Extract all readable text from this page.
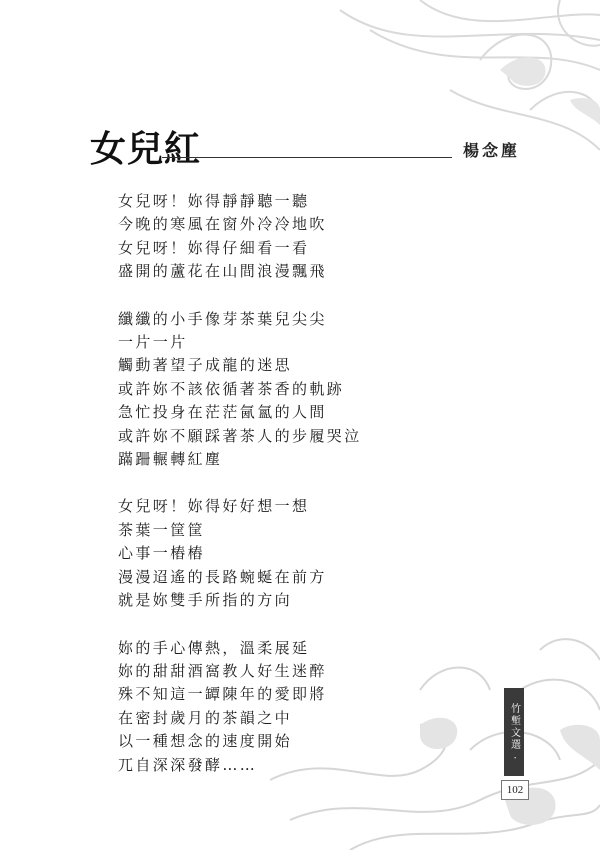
女兒紅	楊念塵
女兒呀！妳得靜靜聽一聽
今晚的寒風在窗外冷冷地吹
女兒呀！妳得仔細看一看
盛開的蘆花在山間浪漫飄飛
纖纖的小手像芽茶葉兒尖尖
一片一片
觸動著望子成龍的迷思
或許妳不該依循著茶香的軌跡
急忙投身在茫茫氤氳的人間
或許妳不願踩著茶人的步履哭泣
蹣跚輾轉紅塵
女兒呀！妳得好好想一想
茶葉一筐筐
心事一樁樁
漫漫迢遙的長路蜿蜒在前方
就是妳雙手所指的方向
妳的手心傳熱，溫柔展延
妳的甜甜酒窩教人好生迷醉
殊不知這一罈陳年的愛即將
在密封歲月的茶韻之中
以一種想念的速度開始
兀自深深發酵……
竹塹文選 ‧
102
